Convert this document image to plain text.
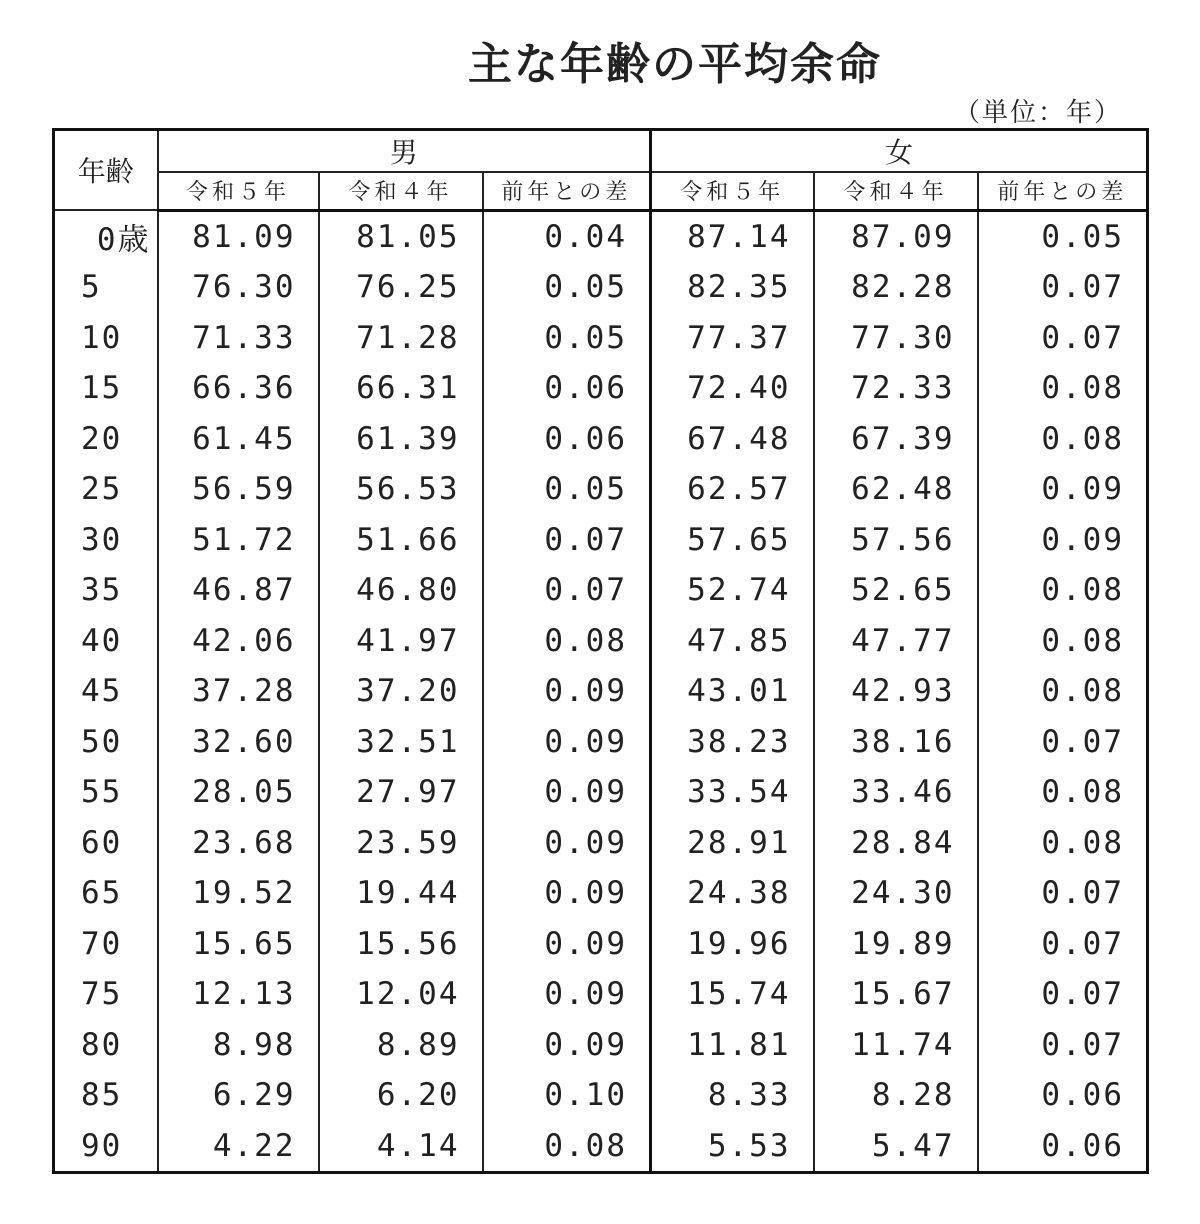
主な年齢の平均余命
（単位：年）
年齢	男			女		
	令和５年	令和４年	前年との差	令和５年	令和４年	前年との差
0歳	81.09	81.05	0.04	87.14	87.09	0.05
5	76.30	76.25	0.05	82.35	82.28	0.07
10	71.33	71.28	0.05	77.37	77.30	0.07
15	66.36	66.31	0.06	72.40	72.33	0.08
20	61.45	61.39	0.06	67.48	67.39	0.08
25	56.59	56.53	0.05	62.57	62.48	0.09
30	51.72	51.66	0.07	57.65	57.56	0.09
35	46.87	46.80	0.07	52.74	52.65	0.08
40	42.06	41.97	0.08	47.85	47.77	0.08
45	37.28	37.20	0.09	43.01	42.93	0.08
50	32.60	32.51	0.09	38.23	38.16	0.07
55	28.05	27.97	0.09	33.54	33.46	0.08
60	23.68	23.59	0.09	28.91	28.84	0.08
65	19.52	19.44	0.09	24.38	24.30	0.07
70	15.65	15.56	0.09	19.96	19.89	0.07
75	12.13	12.04	0.09	15.74	15.67	0.07
80	8.98	8.89	0.09	11.81	11.74	0.07
85	6.29	6.20	0.10	8.33	8.28	0.06
90	4.22	4.14	0.08	5.53	5.47	0.06
